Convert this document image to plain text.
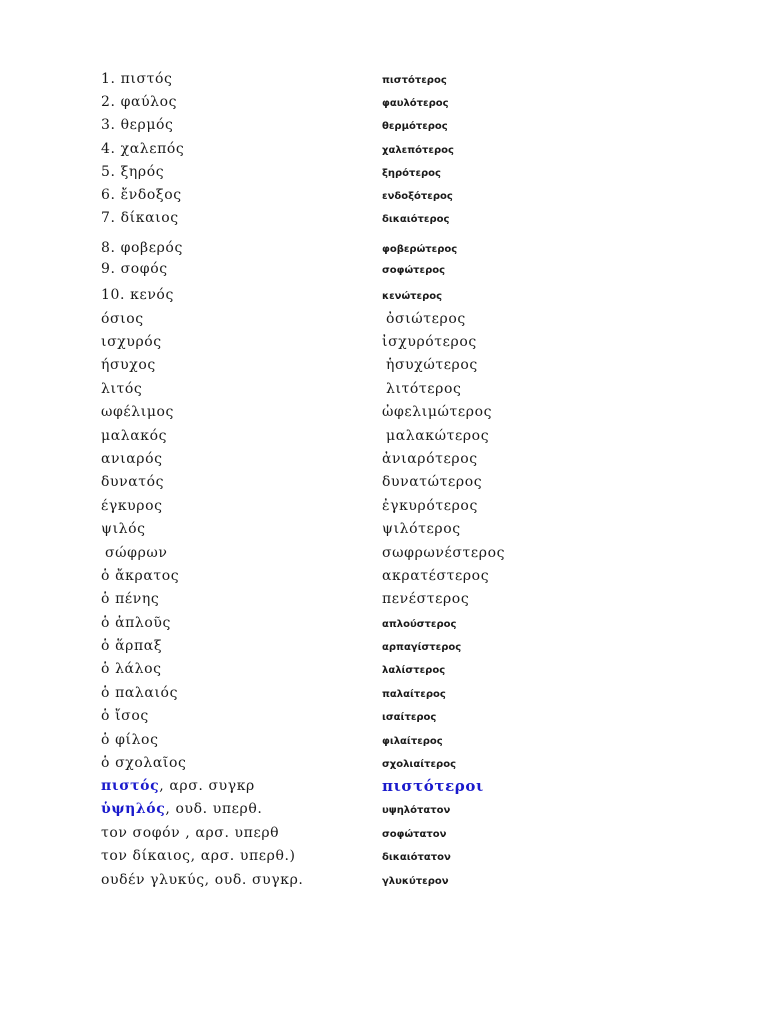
1. πιστός	πιστότερος
2. φαύλος	φαυλότερος
3. θερμός	θερμότερος
4. χαλεπός	χαλεπότερος
5. ξηρός	ξηρότερος
6. ἔνδοξος	ενδοξότερος
7. δίκαιος	δικαιότερος
8. φοβερός	φοβερώτερος
9. σοφός	σοφώτερος
10. κενός	κενώτερος
όσιος	ὀσιώτερος
ισχυρός	ἰσχυρότερος
ήσυχος	ἡσυχώτερος
λιτός	λιτότερος
ωφέλιμος	ὠφελιμώτερος
μαλακός	μαλακώτερος
ανιαρός	ἀνιαρότερος
δυνατός	δυνατώτερος
έγκυρος	ἐγκυρότερος
ψιλός	ψιλότερος
σώφρων	σωφρωνέστερος
ὁ ἄκρατος	ακρατέστερος
ὁ πένης	πενέστερος
ὁ ἁπλοῦς	απλούστερος
ὁ ἅρπαξ	αρπαγίστερος
ὁ λάλος	λαλίστερος
ὁ παλαιός	παλαίτερος
ὁ ἴσος	ισαίτερος
ὁ φίλος	φιλαίτερος
ὁ σχολαῖος	σχολιαίτερος
πιστός, αρσ. συγκρ	πιστότεροι
ὑψηλός, ουδ. υπερθ.	υψηλότατον
τον σοφόν , αρσ. υπερθ	σοφώτατον
τον δίκαιος, αρσ. υπερθ.)	δικαιότατον
ουδέν γλυκύς, ουδ. συγκρ.	γλυκύτερον
